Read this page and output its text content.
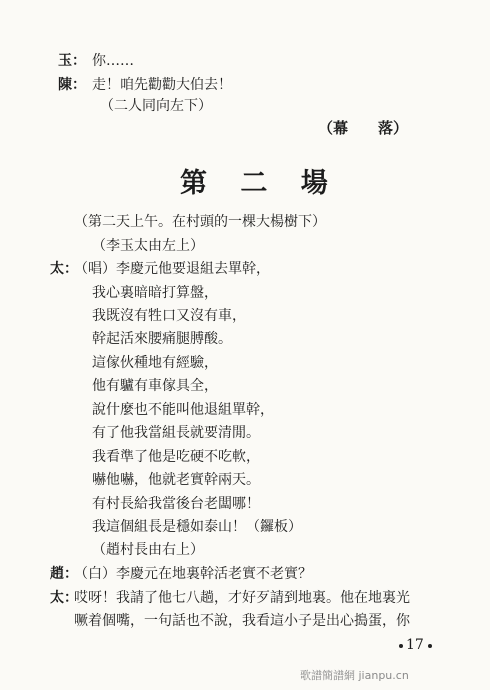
玉： 你……
陳： 走！咱先勸勸大伯去！
（二人同向左下）
（幕　　落）
第 二 場
（第二天上午。在村頭的一棵大楊樹下）
（李玉太由左上）
太：
（唱）李慶元他要退組去單幹，
我心裏暗暗打算盤，
我既沒有牲口又沒有車，
幹起活來腰痛腿膊酸。
這傢伙種地有經驗，
他有驢有車傢具全，
說什麼也不能叫他退組單幹，
有了他我當組長就要清閒。
我看準了他是吃硬不吃軟，
嚇他嚇，他就老實幹兩天。
有村長給我當後台老闆哪！
我這個組長是穩如泰山！（鑼板）
（趙村長由右上）
趙：
（白）李慶元在地裏幹活老實不老實？
太：
哎呀！我請了他七八趟，才好歹請到地裏。他在地裏光
噘着個嘴，一句話也不說，我看這小子是出心搗蛋，你
17
歌譜簡譜網 jianpu.cn
